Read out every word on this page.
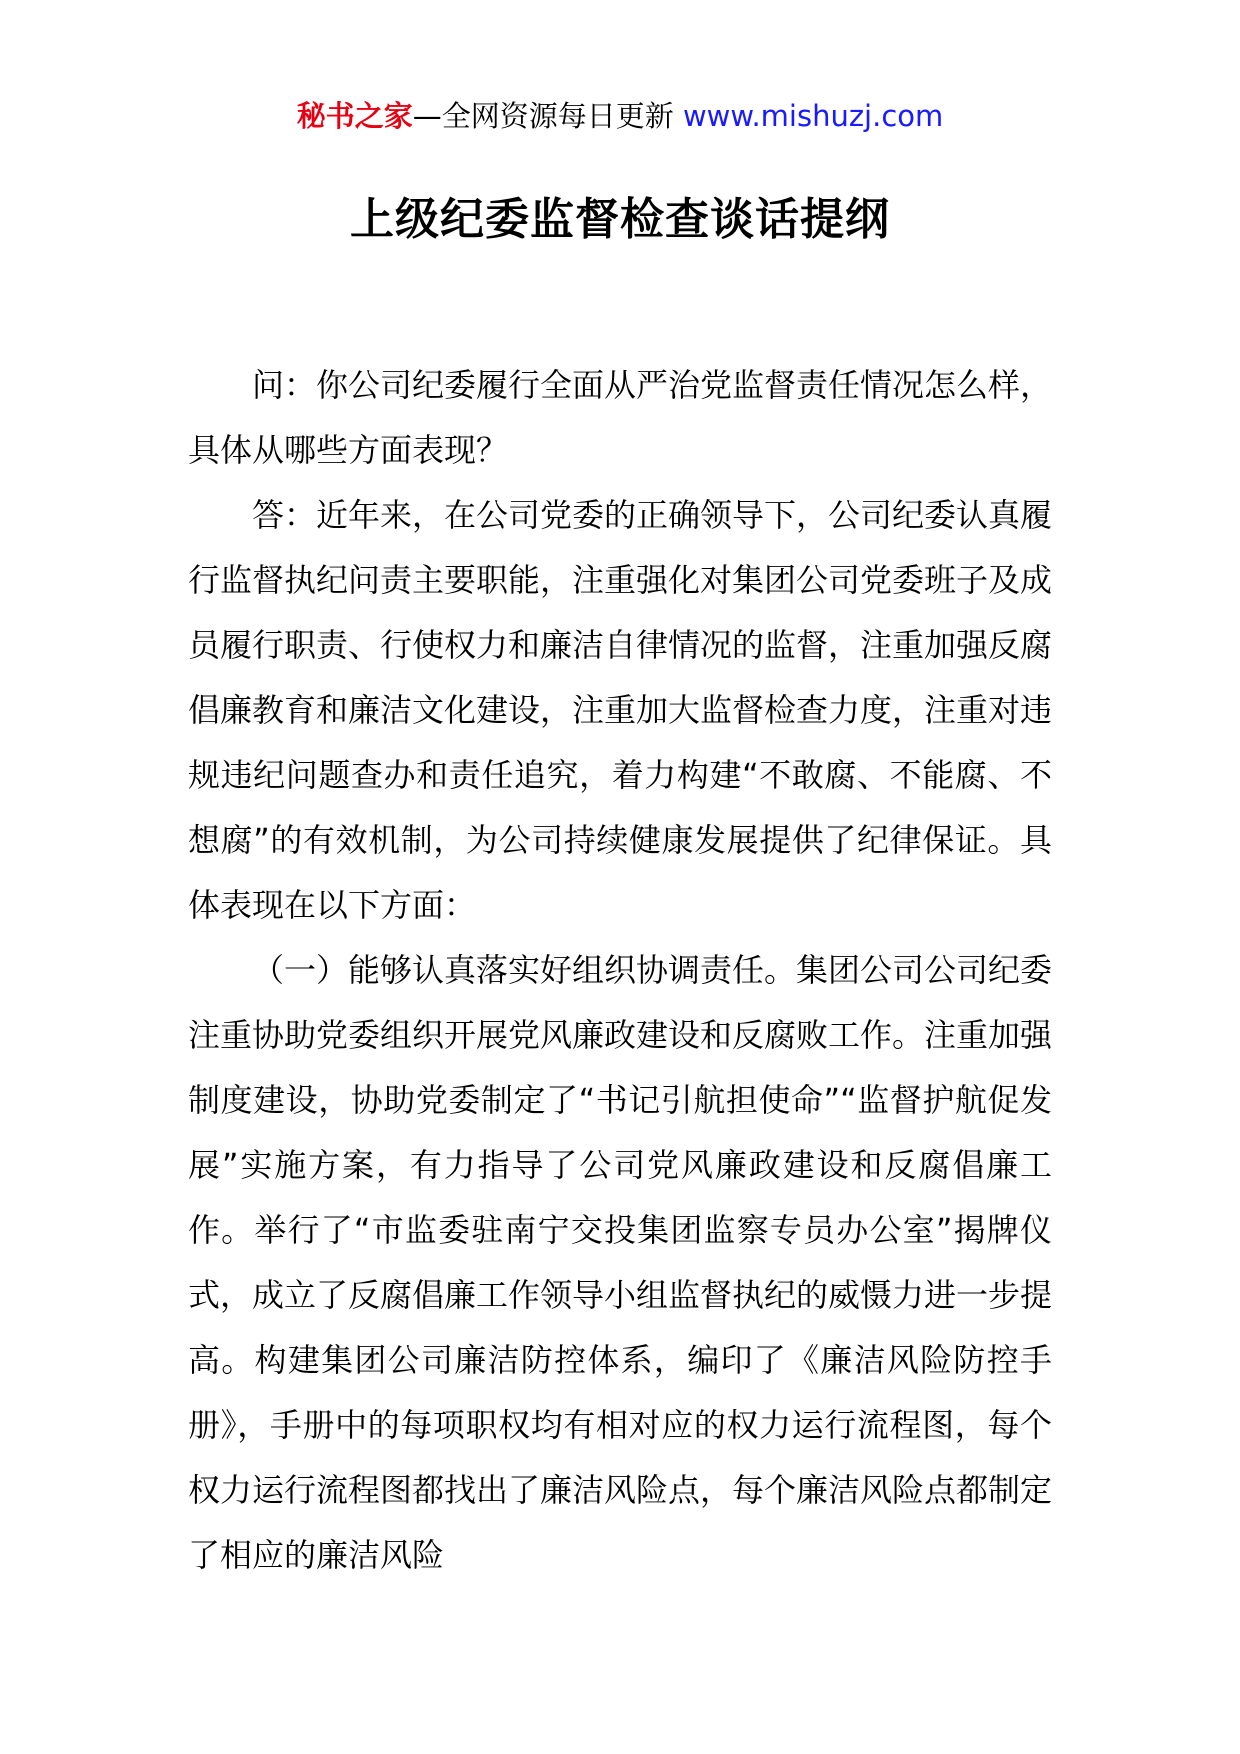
秘书之家—全网资源每日更新 www.mishuzj.com
上级纪委监督检查谈话提纲

问：你公司纪委履行全面从严治党监督责任情况怎么样，具体从哪些方面表现？

答：近年来，在公司党委的正确领导下，公司纪委认真履行监督执纪问责主要职能，注重强化对集团公司党委班子及成员履行职责、行使权力和廉洁自律情况的监督，注重加强反腐倡廉教育和廉洁文化建设，注重加大监督检查力度，注重对违规违纪问题查办和责任追究，着力构建“不敢腐、不能腐、不想腐”的有效机制，为公司持续健康发展提供了纪律保证。具体表现在以下方面：

（一）能够认真落实好组织协调责任。集团公司公司纪委注重协助党委组织开展党风廉政建设和反腐败工作。注重加强制度建设，协助党委制定了“书记引航担使命”“监督护航促发展”实施方案，有力指导了公司党风廉政建设和反腐倡廉工作。举行了“市监委驻南宁交投集团监察专员办公室”揭牌仪式，成立了反腐倡廉工作领导小组监督执纪的威慑力进一步提高。构建集团公司廉洁防控体系，编印了《廉洁风险防控手册》，手册中的每项职权均有相对应的权力运行流程图，每个权力运行流程图都找出了廉洁风险点，每个廉洁风险点都制定了相应的廉洁风险
